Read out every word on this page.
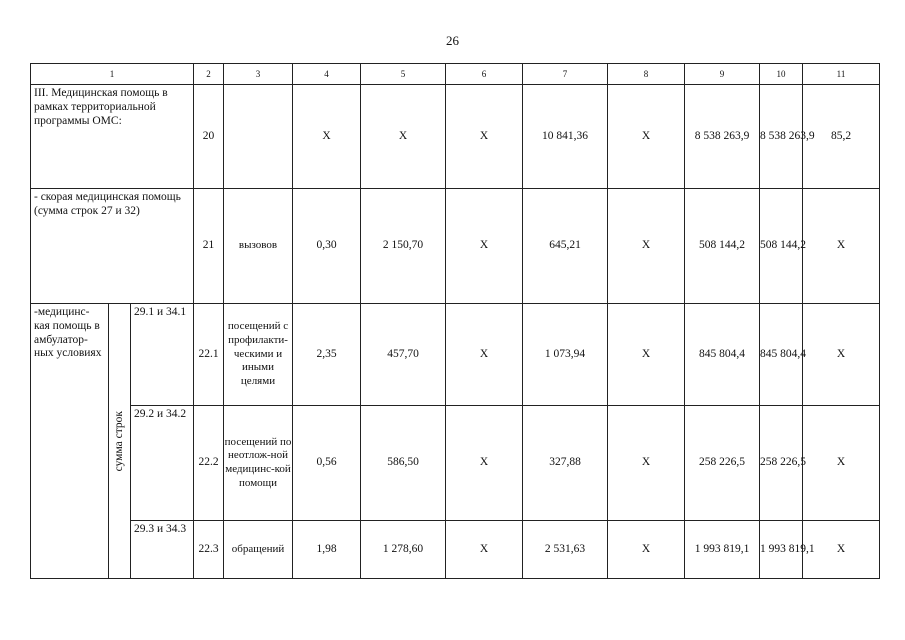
26
1			2	3	4	5	6	7	8	9	10	11
III. Медицинская помощь в рамках территориальной программы ОМС:			20		X	X	X	10 841,36	X	8 538 263,9	8 538 263,9	85,2
- скорая медицинская помощь (сумма строк 27 и 32)			21	вызовов	0,30	2 150,70	X	645,21	X	508 144,2	508 144,2	X
-медицинс-кая помощь в амбулатор-ных условиях	сумма строк	29.1 и 34.1	22.1	посещений с профилакти-ческими и иными целями	2,35	457,70	X	1 073,94	X	845 804,4	845 804,4	X
		29.2 и 34.2	22.2	посещений по неотлож-ной медицинс-кой помощи	0,56	586,50	X	327,88	X	258 226,5	258 226,5	X
		29.3 и 34.3	22.3	обращений	1,98	1 278,60	X	2 531,63	X	1 993 819,1	1 993 819,1	X
